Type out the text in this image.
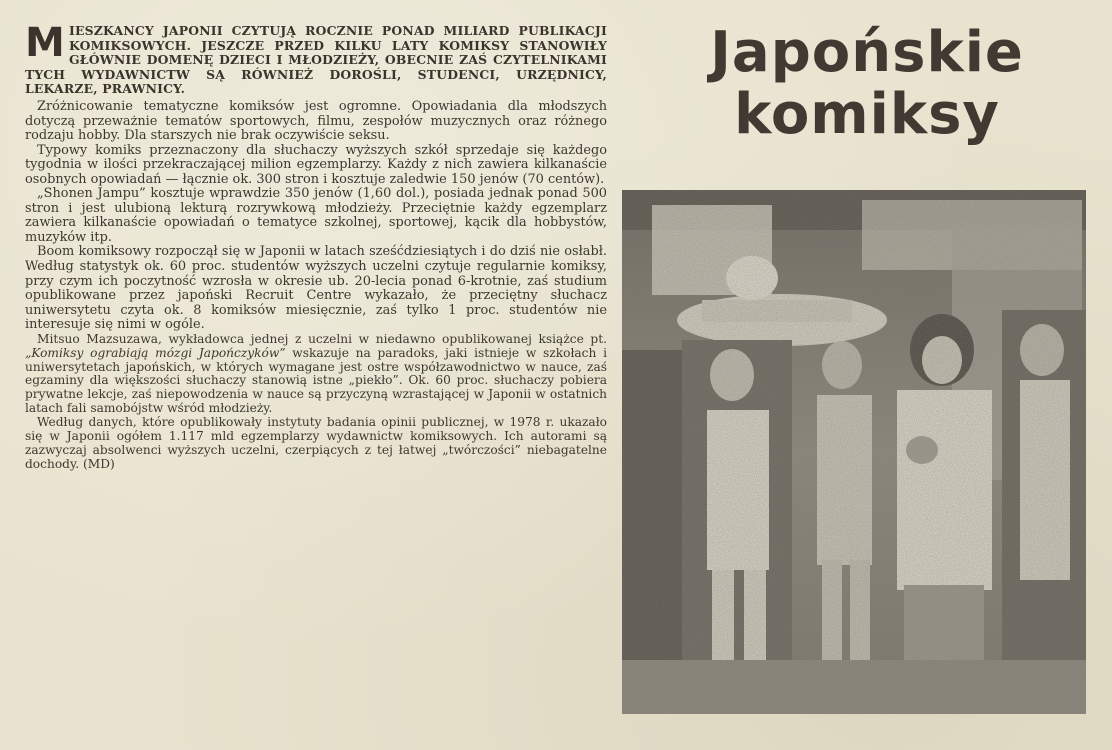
MIESZKANCY JAPONII CZYTUJĄ ROCZNIE PONAD MILIARD PUBLIKACJI KOMIKSOWYCH. JESZCZE PRZED KILKU LATY KOMIKSY STANOWIŁY GŁÓWNIE DOMENĘ DZIECI I MŁODZIEŻY, OBECNIE ZAŚ CZYTELNIKAMI TYCH WYDAWNICTW SĄ RÓWNIEŻ DOROŚLI, STUDENCI, URZĘDNICY, LEKARZE, PRAWNICY.

Zróżnicowanie tematyczne komiksów jest ogromne. Opowiadania dla młodszych dotyczą przeważnie tematów sportowych, filmu, zespołów muzycznych oraz różnego rodzaju hobby. Dla starszych nie brak oczywiście seksu.

Typowy komiks przeznaczony dla słuchaczy wyższych szkół sprzedaje się każdego tygodnia w ilości przekraczającej milion egzemplarzy. Każdy z nich zawiera kilkanaście osobnych opowiadań — łącznie ok. 300 stron i kosztuje zaledwie 150 jenów (70 centów).

„Shonen Jampu” kosztuje wprawdzie 350 jenów (1,60 dol.), posiada jednak ponad 500 stron i jest ulubioną lekturą rozrywkową młodzieży. Przeciętnie każdy egzemplarz zawiera kilkanaście opowiadań o tematyce szkolnej, sportowej, kącik dla hobbystów, muzyków itp.

Boom komiksowy rozpoczął się w Japonii w latach sześćdziesiątych i do dziś nie osłabł. Według statystyk ok. 60 proc. studentów wyższych uczelni czytuje regularnie komiksy, przy czym ich poczytność wzrosła w okresie ub. 20-lecia ponad 6-krotnie, zaś studium opublikowane przez japoński Recruit Centre wykazało, że przeciętny słuchacz uniwersytetu czyta ok. 8 komiksów miesięcznie, zaś tylko 1 proc. studentów nie interesuje się nimi w ogóle.

Mitsuo Mazsuzawa, wykładowca jednej z uczelni w niedawno opublikowanej książce pt. „Komiksy ograbiają mózgi Japończyków” wskazuje na paradoks, jaki istnieje w szkołach i uniwersytetach japońskich, w których wymagane jest ostre współzawodnictwo w nauce, zaś egzaminy dla większości słuchaczy stanowią istne „piekło”. Ok. 60 proc. słuchaczy pobiera prywatne lekcje, zaś niepowodzenia w nauce są przyczyną wzrastającej w Japonii w ostatnich latach fali samobójstw wśród młodzieży.

Według danych, które opublikowały instytuty badania opinii publicznej, w 1978 r. ukazało się w Japonii ogółem 1.117 mld egzemplarzy wydawnictw komiksowych. Ich autorami są zazwyczaj absolwenci wyższych uczelni, czerpiących z tej łatwej „twórczości” niebagatelne dochody. (MD)

Japońskie
komiksy
